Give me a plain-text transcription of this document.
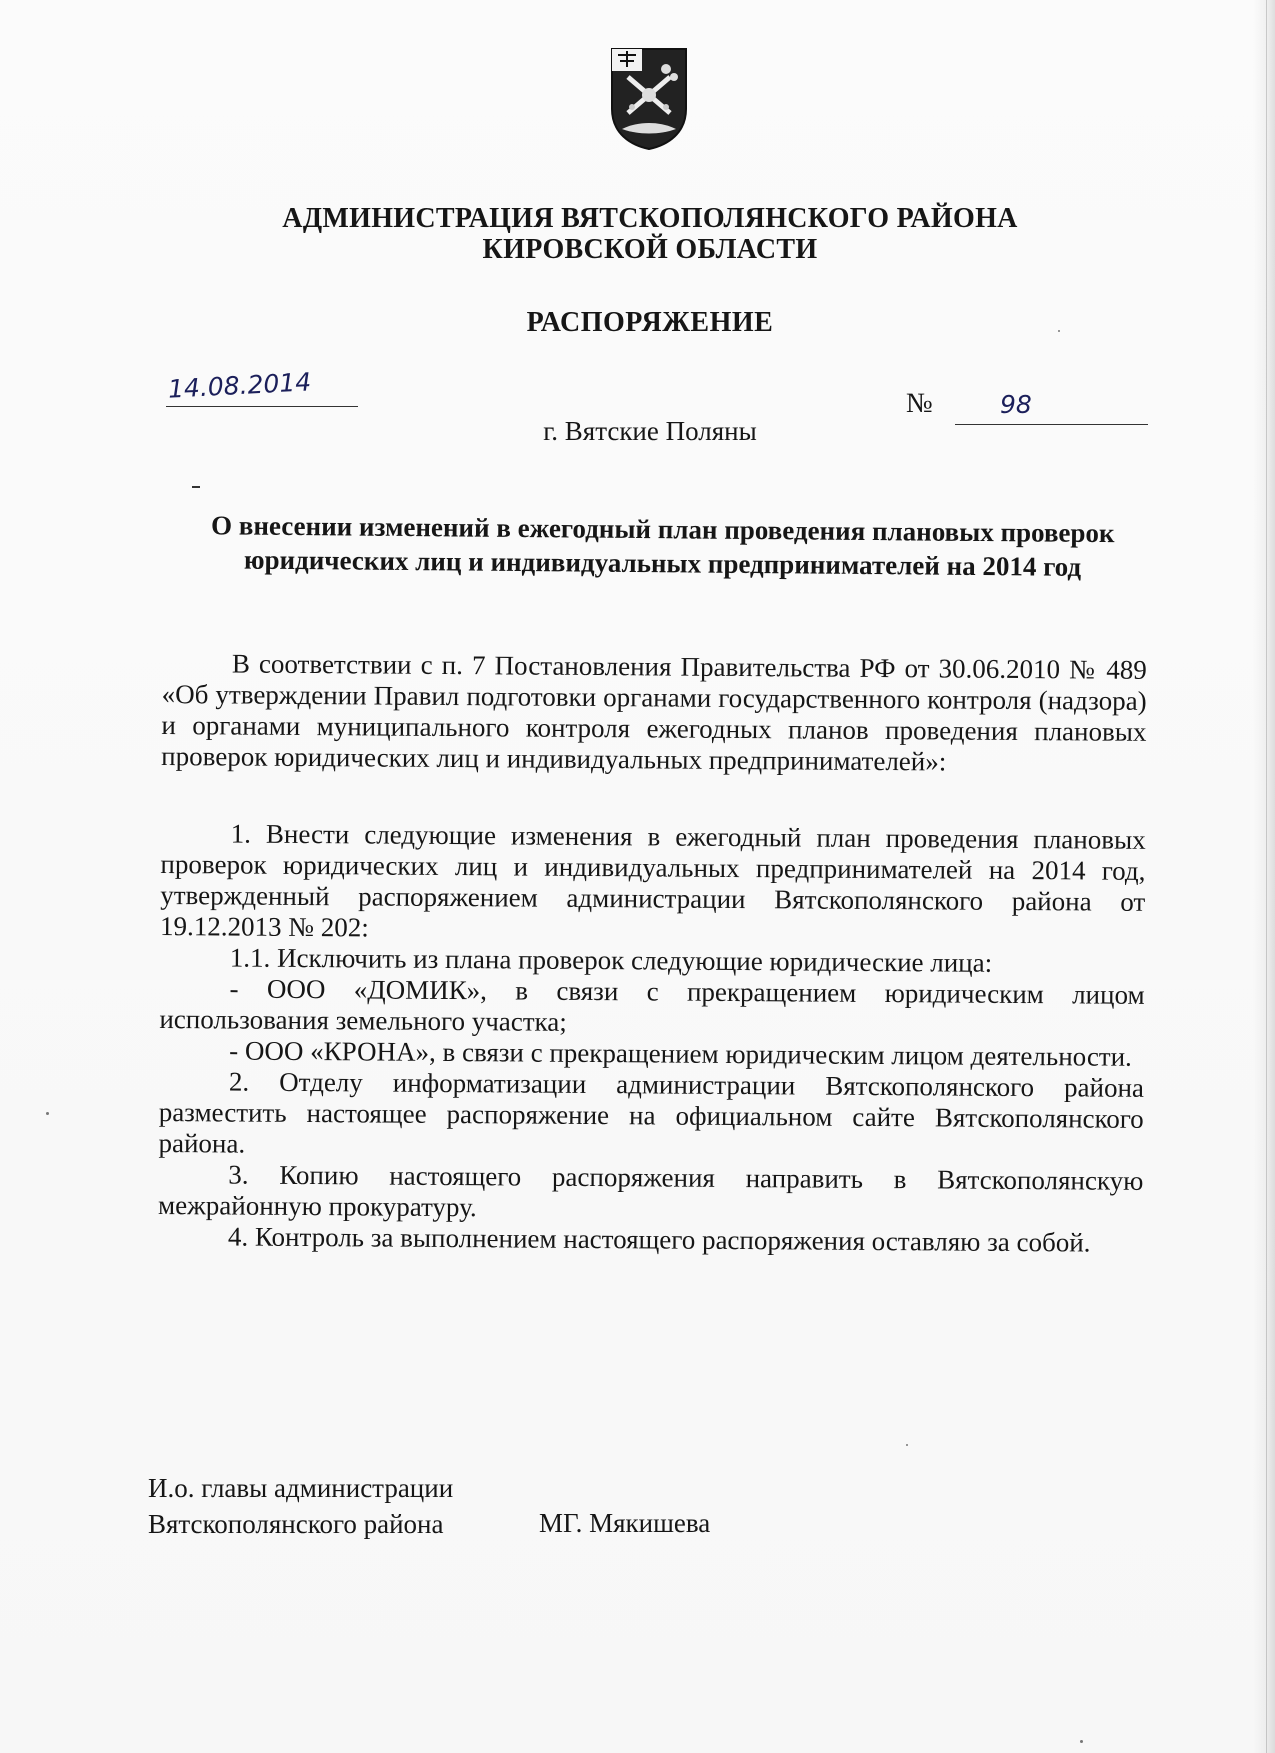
АДМИНИСТРАЦИЯ ВЯТСКОПОЛЯНСКОГО РАЙОНА
КИРОВСКОЙ ОБЛАСТИ
РАСПОРЯЖЕНИЕ
14.08.2014	№	98
г. Вятские Поляны
О внесении изменений в ежегодный план проведения плановых проверок юридических лиц и индивидуальных предпринимателей на 2014 год

В соответствии с п. 7 Постановления Правительства РФ от 30.06.2010 № 489 «Об утверждении Правил подготовки органами государственного контроля (надзора) и органами муниципального контроля ежегодных планов проведения плановых проверок юридических лиц и индивидуальных предпринимателей»:

1. Внести следующие изменения в ежегодный план проведения плановых проверок юридических лиц и индивидуальных предпринимателей на 2014 год, утвержденный распоряжением администрации Вятскополянского района от 19.12.2013 № 202:

1.1. Исключить из плана проверок следующие юридические лица:

- ООО «ДОМИК», в связи с прекращением юридическим лицом использования земельного участка;

- ООО «КРОНА», в связи с прекращением юридическим лицом деятельности.

2. Отделу информатизации администрации Вятскополянского района разместить настоящее распоряжение на официальном сайте Вятскополянского района.

3. Копию настоящего распоряжения направить в Вятскополянскую межрайонную прокуратуру.

4. Контроль за выполнением настоящего распоряжения оставляю за собой.

И.о. главы администрации
Вятскополянского района	МГ. Мякишева
